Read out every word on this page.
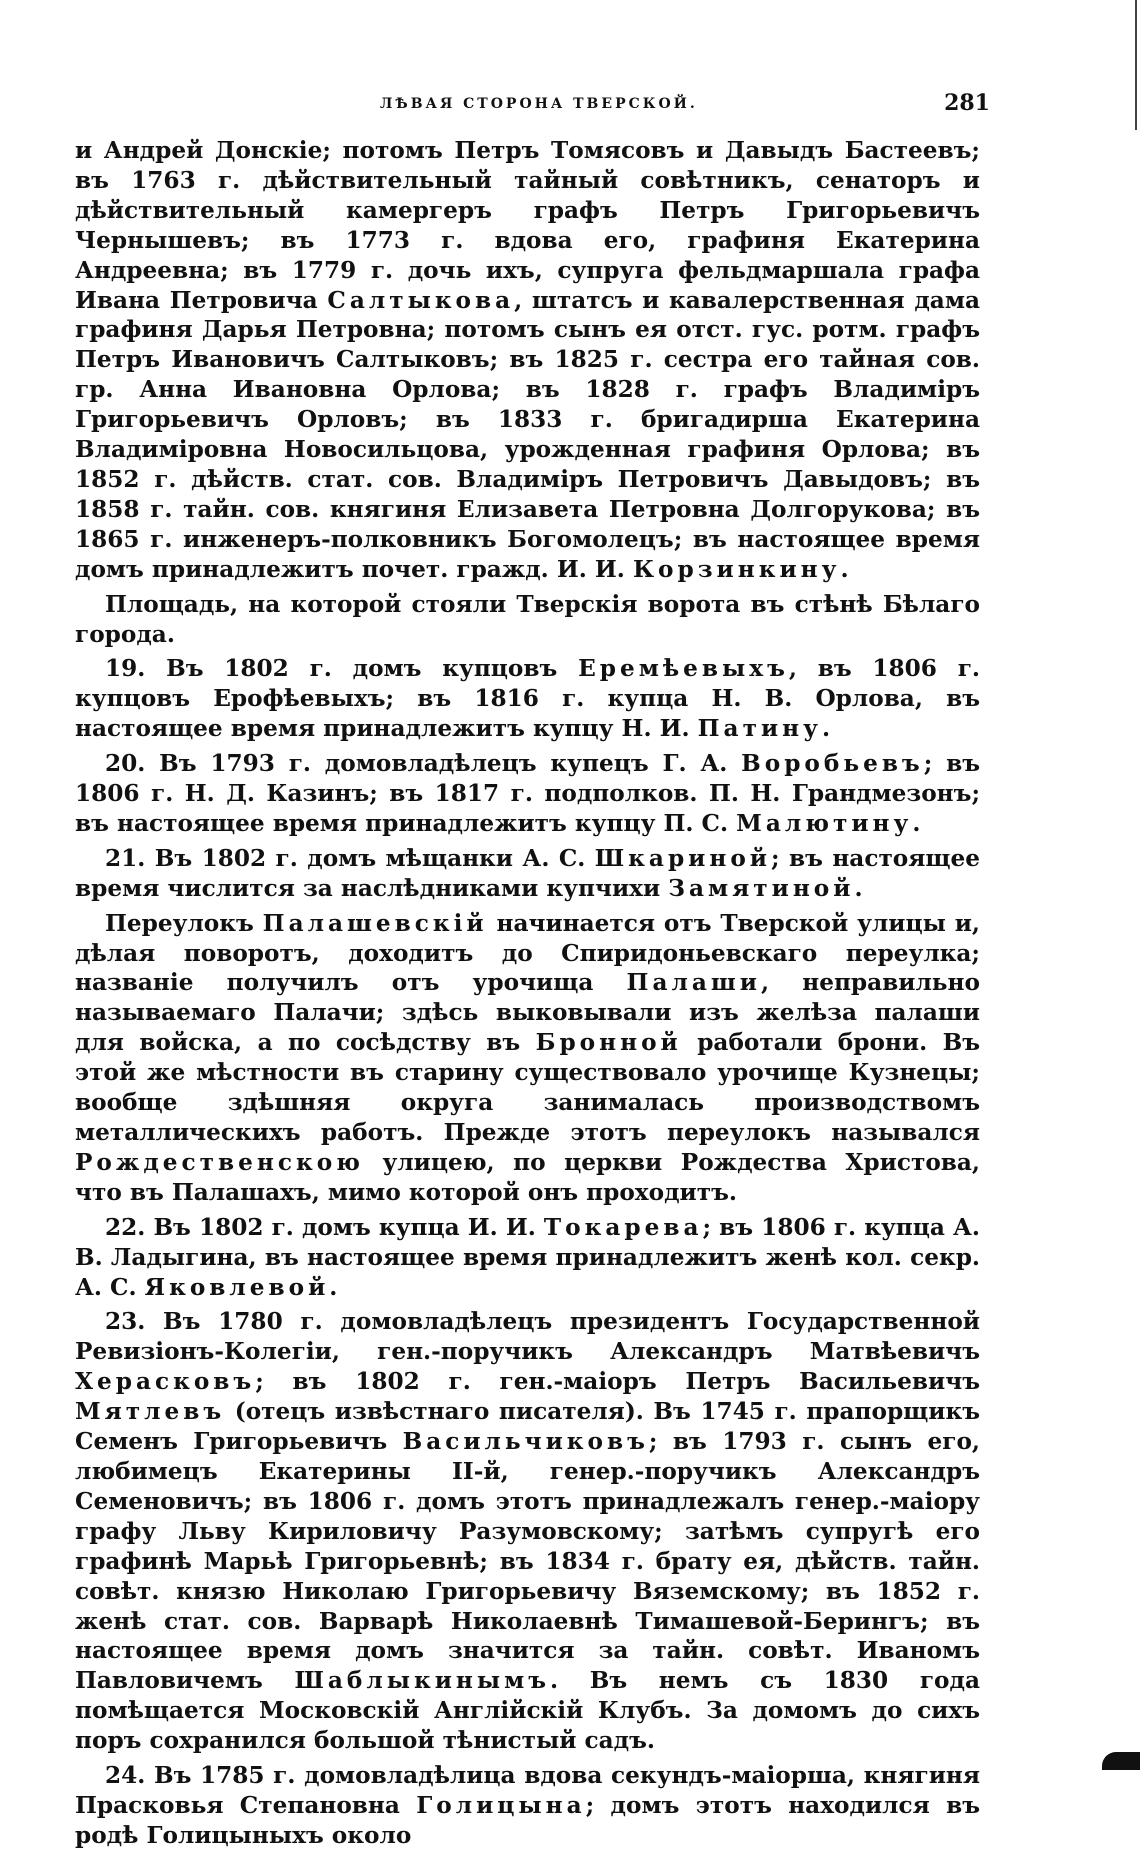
ЛѢВАЯ СТОРОНА ТВЕРСКОЙ.	281

и Андрей Донскіе; потомъ Петръ Томясовъ и Давыдъ Бастеевъ; въ 1763 г. дѣйствительный тайный совѣтникъ, сенаторъ и дѣйствительный камергеръ графъ Петръ Григорьевичъ Чернышевъ; въ 1773 г. вдова его, графиня Екатерина Андреевна; въ 1779 г. дочь ихъ, супруга фельдмаршала графа Ивана Петровича Салтыкова, штатсъ и кавалерственная дама графиня Дарья Петровна; потомъ сынъ ея отст. гус. ротм. графъ Петръ Ивановичъ Салтыковъ; въ 1825 г. сестра его тайная сов. гр. Анна Ивановна Орлова; въ 1828 г. графъ Владиміръ Григорьевичъ Орловъ; въ 1833 г. бригадирша Екатерина Владиміровна Новосильцова, урожденная графиня Орлова; въ 1852 г. дѣйств. стат. сов. Владиміръ Петровичъ Давыдовъ; въ 1858 г. тайн. сов. княгиня Елизавета Петровна Долгорукова; въ 1865 г. инженеръ-полковникъ Богомолецъ; въ настоящее время домъ принадлежитъ почет. гражд. И. И. Коpзинкину.

Площадь, на которой стояли Тверскія ворота въ стѣнѣ Бѣлаго города.

19. Въ 1802 г. домъ купцовъ Еремѣевыхъ, въ 1806 г. купцовъ Ерофѣевыхъ; въ 1816 г. купца Н. В. Орлова, въ настоящее время принадлежитъ купцу Н. И. Патину.

20. Въ 1793 г. домовладѣлецъ купецъ Г. А. Воробьевъ; въ 1806 г. Н. Д. Казинъ; въ 1817 г. подполков. П. Н. Грандмезонъ; въ настоящее время принадлежитъ купцу П. С. Малютину.

21. Въ 1802 г. домъ мѣщанки А. С. Шкариной; въ настоящее время числится за наслѣдниками купчихи Замятиной.

Переулокъ Палашевскій начинается отъ Тверской улицы и, дѣлая поворотъ, доходитъ до Спиридоньевскаго переулка; названіе получилъ отъ урочища Палаши, неправильно называемаго Палачи; здѣсь выковывали изъ желѣза палаши для войска, а по сосѣдству въ Бронной работали брони. Въ этой же мѣстности въ старину существовало урочище Кузнецы; вообще здѣшняя округа занималась производствомъ металлическихъ работъ. Прежде этотъ переулокъ назывался Рождественскою улицею, по церкви Рождества Христова, что въ Палашахъ, мимо которой онъ проходитъ.

22. Въ 1802 г. домъ купца И. И. Токарева; въ 1806 г. купца А. В. Ладыгина, въ настоящее время принадлежитъ женѣ кол. секр. А. С. Яковлевой.

23. Въ 1780 г. домовладѣлецъ президентъ Государственной Ревизіонъ-Колегіи, ген.-поручикъ Александръ Матвѣевичъ Херасковъ; въ 1802 г. ген.-маіоръ Петръ Васильевичъ Мятлевъ (отецъ извѣстнаго писателя). Въ 1745 г. прапорщикъ Семенъ Григорьевичъ Васильчиковъ; въ 1793 г. сынъ его, любимецъ Екатерины II-й, генер.-поручикъ Александръ Семеновичъ; въ 1806 г. домъ этотъ принадлежалъ генер.-маіору графу Льву Кириловичу Разумовскому; затѣмъ супругѣ его графинѣ Марьѣ Григорьевнѣ; въ 1834 г. брату ея, дѣйств. тайн. совѣт. князю Николаю Григорьевичу Вяземскому; въ 1852 г. женѣ стат. сов. Варварѣ Николаевнѣ Тимашевой-Берингъ; въ настоящее время домъ значится за тайн. совѣт. Иваномъ Павловичемъ Шаблыкинымъ. Въ немъ съ 1830 года помѣщается Московскій Англійскій Клубъ. За домомъ до сихъ поръ сохранился большой тѣнистый садъ.

24. Въ 1785 г. домовладѣлица вдова секундъ-маіорша, княгиня Прасковья Степановна Голицына; домъ этотъ находился въ родѣ Голицыныхъ около
